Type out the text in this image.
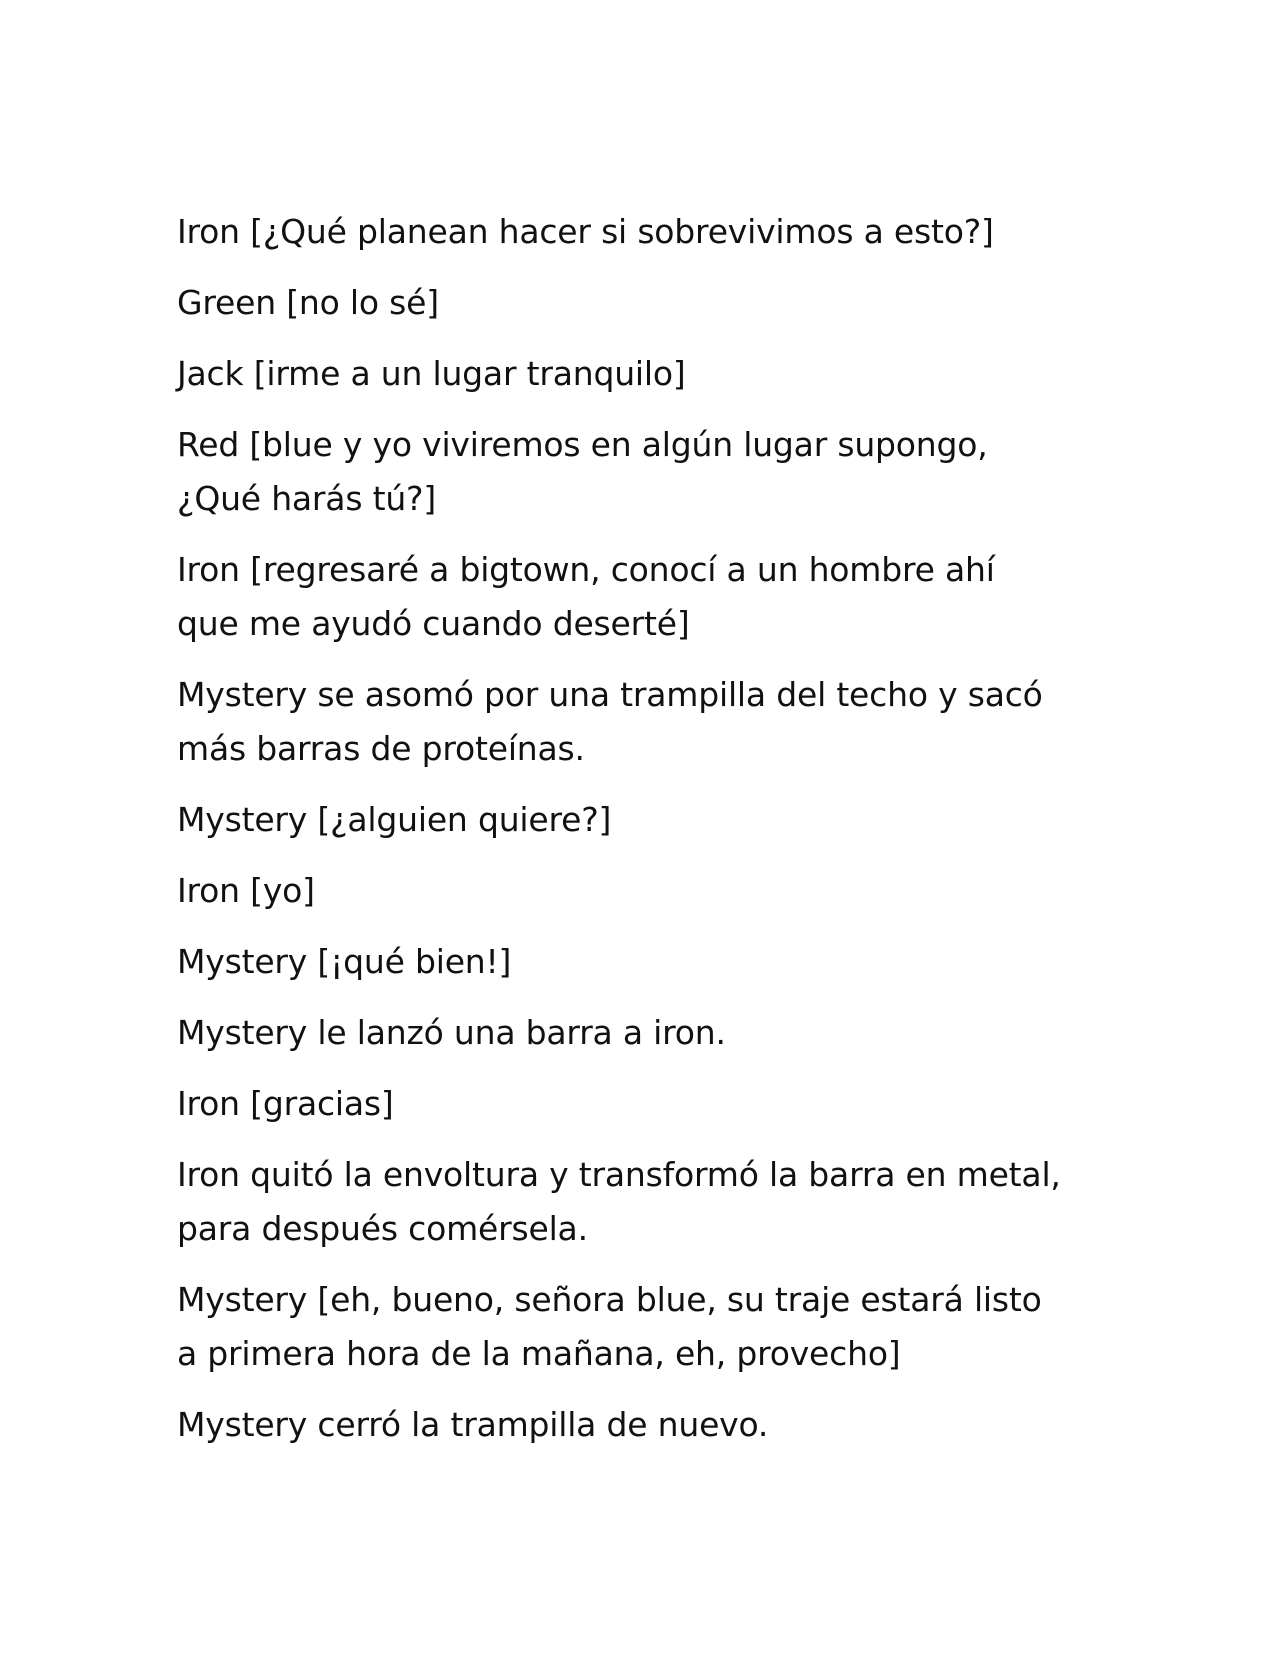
Iron [¿Qué planean hacer si sobrevivimos a esto?]

Green [no lo sé]

Jack [irme a un lugar tranquilo]

Red [blue y yo viviremos en algún lugar supongo,
¿Qué harás tú?]

Iron [regresaré a bigtown, conocí a un hombre ahí
que me ayudó cuando deserté]

Mystery se asomó por una trampilla del techo y sacó
más barras de proteínas.

Mystery [¿alguien quiere?]

Iron [yo]

Mystery [¡qué bien!]

Mystery le lanzó una barra a iron.

Iron [gracias]

Iron quitó la envoltura y transformó la barra en metal,
para después comérsela.

Mystery [eh, bueno, señora blue, su traje estará listo
a primera hora de la mañana, eh, provecho]

Mystery cerró la trampilla de nuevo.
